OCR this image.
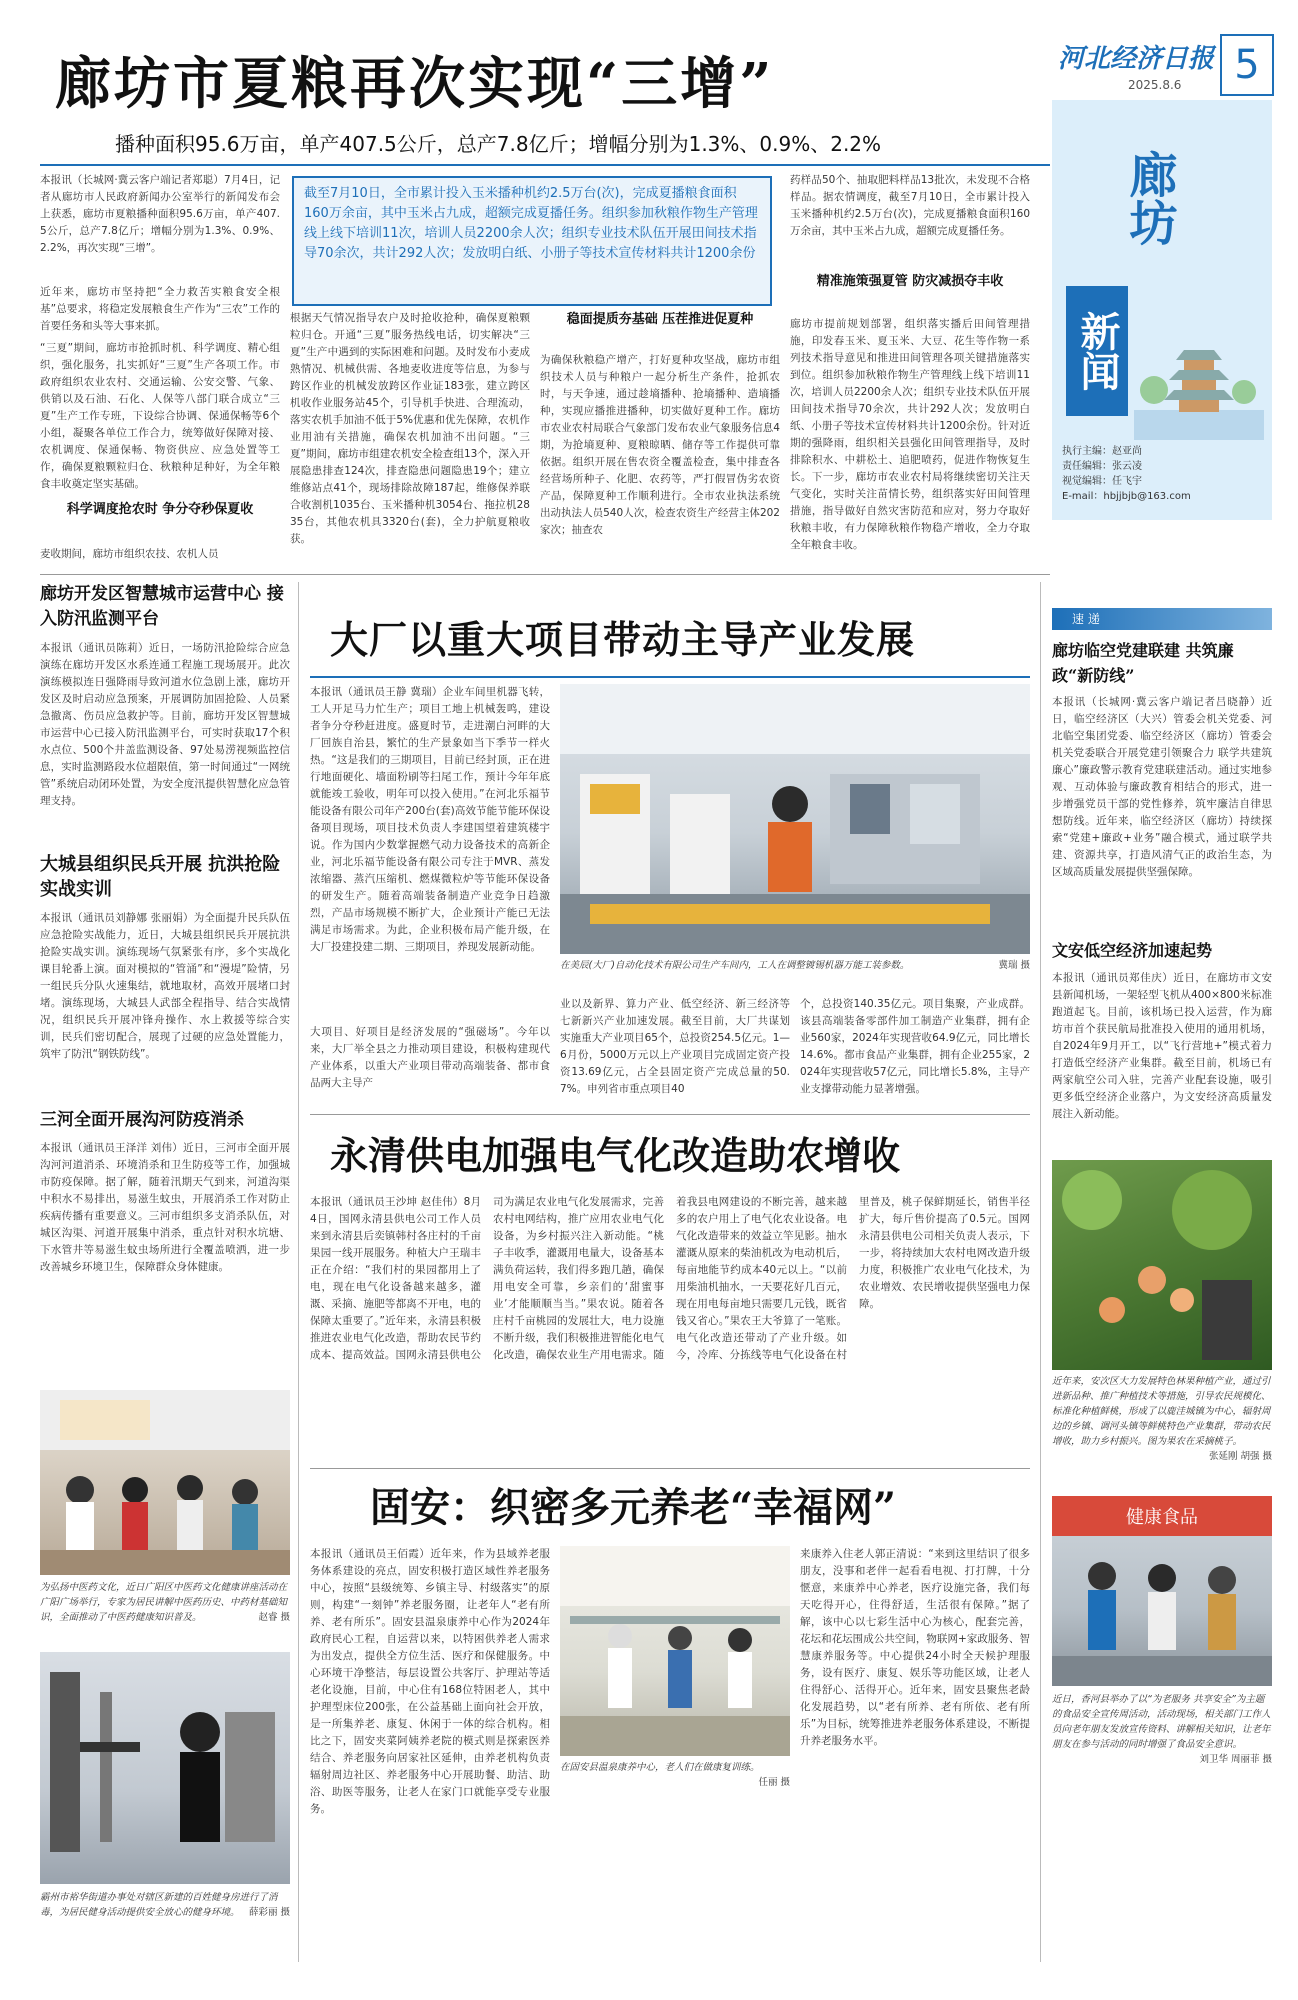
河北经济日报
2025.8.6	5
廊坊市夏粮再次实现“三增”
播种面积95.6万亩，单产407.5公斤，总产7.8亿斤；增幅分别为1.3%、0.9%、2.2%
本报讯（长城网·冀云客户端记者郑聪）7月4日，记者从廊坊市人民政府新闻办公室举行的新闻发布会上获悉，廊坊市夏粮播种面积95.6万亩，单产407.5公斤，总产7.8亿斤；增幅分别为1.3%、0.9%、2.2%，再次实现“三增”。
近年来，廊坊市坚持把“全力救苦实粮食安全根基”总要求，将稳定发展粮食生产作为“三农”工作的首要任务和头等大事来抓。
“三夏”期间，廊坊市抢抓时机、科学调度、精心组织，强化服务，扎实抓好“三夏”生产各项工作。市政府组织农业农村、交通运输、公安交警、气象、供销以及石油、石化、人保等八部门联合成立“三夏”生产工作专班，下设综合协调、保通保畅等6个小组，凝聚各单位工作合力，统筹做好保障对接、农机调度、保通保畅、物资供应、应急处置等工作，确保夏粮颗粒归仓、秋粮种足种好，为全年粮食丰收奠定坚实基础。
科学调度抢农时 争分夺秒保夏收
麦收期间，廊坊市组织农技、农机人员
截至7月10日，全市累计投入玉米播种机约2.5万台(次)，完成夏播粮食面积160万余亩，其中玉米占九成，超额完成夏播任务。组织参加秋粮作物生产管理线上线下培训11次，培训人员2200余人次；组织专业技术队伍开展田间技术指导70余次，共计292人次；发放明白纸、小册子等技术宣传材料共计1200余份
根据天气情况指导农户及时抢收抢种，确保夏粮颗粒归仓。开通“三夏”服务热线电话，切实解决“三夏”生产中遇到的实际困难和问题。及时发布小麦成熟情况、机械供需、各地麦收进度等信息，为参与跨区作业的机械发放跨区作业证183张，建立跨区机收作业服务站45个，引导机手快进、合理流动，落实农机手加油不低于5%优惠和优先保障，农机作业用油有关措施，确保农机加油不出问题。“三夏”期间，廊坊市组建农机安全检查组13个，深入开展隐患排查124次，排查隐患问题隐患19个；建立维修站点41个，现场排除故障187起，维修保养联合收割机1035台、玉米播种机3054台、拖拉机2835台，其他农机具3320台(套)，全力护航夏粮收获。
稳面提质夯基础 压茬推进促夏种
为确保秋粮稳产增产，打好夏种攻坚战，廊坊市组织技术人员与种粮户一起分析生产条件，抢抓农时，与天争速，通过趁墒播种、抢墒播种、造墒播种，实现应播推进播种，切实做好夏种工作。廊坊市农业农村局联合气象部门发布农业气象服务信息4期，为抢墒夏种、夏粮晾晒、储存等工作提供可靠依据。组织开展在售农资全覆盖检查，集中排查各经营场所种子、化肥、农药等，严打假冒伪劣农资产品，保障夏种工作顺利进行。全市农业执法系统出动执法人员540人次，检查农资生产经营主体202家次；抽查农
药样品50个、抽取肥料样品13批次，未发现不合格样品。据农情调度，截至7月10日，全市累计投入玉米播种机约2.5万台(次)，完成夏播粮食面积160万余亩，其中玉米占九成，超额完成夏播任务。
精准施策强夏管 防灾减损夺丰收
廊坊市提前规划部署，组织落实播后田间管理措施，印发春玉米、夏玉米、大豆、花生等作物一系列技术指导意见和推进田间管理各项关键措施落实到位。组织参加秋粮作物生产管理线上线下培训11次，培训人员2200余人次；组织专业技术队伍开展田间技术指导70余次，共计292人次；发放明白纸、小册子等技术宣传材料共计1200余份。针对近期的强降雨，组织相关县强化田间管理指导，及时排除积水、中耕松土、追肥喷药，促进作物恢复生长。下一步，廊坊市农业农村局将继续密切关注天气变化，实时关注苗情长势，组织落实好田间管理措施，指导做好自然灾害防范和应对，努力夺取好秋粮丰收，有力保障秋粮作物稳产增收，全力夺取全年粮食丰收。
廊坊
新闻
执行主编：赵亚尚
责任编辑：张云凌
视觉编辑：任飞宇
E-mail：hbjjbjb@163.com
廊坊开发区智慧城市运营中心 接入防汛监测平台
本报讯（通讯员陈莉）近日，一场防汛抢险综合应急演练在廊坊开发区水系连通工程施工现场展开。此次演练模拟连日强降雨导致河道水位急剧上涨，廊坊开发区及时启动应急预案，开展调防加固抢险、人员紧急撤离、伤员应急救护等。目前，廊坊开发区智慧城市运营中心已接入防汛监测平台，可实时获取17个积水点位、500个井盖监测设备、97处易涝视频监控信息，实时监测路段水位超限值，第一时间通过“一网统管”系统启动闭环处置，为安全度汛提供智慧化应急管理支持。
大城县组织民兵开展 抗洪抢险实战实训
本报讯（通讯员刘静娜 张丽娟）为全面提升民兵队伍应急抢险实战能力，近日，大城县组织民兵开展抗洪抢险实战实训。演练现场气氛紧张有序，多个实战化课目轮番上演。面对模拟的“管涌”和“漫堤”险情，另一组民兵分队火速集结，就地取材，高效开展堵口封堵。演练现场，大城县人武部全程指导、结合实战情况，组织民兵开展冲锋舟操作、水上救援等综合实训，民兵们密切配合，展现了过硬的应急处置能力，筑牢了防汛“钢铁防线”。
三河全面开展沟河防疫消杀
本报讯（通讯员王泽洋 刘伟）近日，三河市全面开展沟河河道消杀、环境消杀和卫生防疫等工作，加强城市防疫保障。据了解，随着汛期天气到来，河道沟渠中积水不易排出，易滋生蚊虫，开展消杀工作对防止疾病传播有重要意义。三河市组织多支消杀队伍，对城区沟渠、河道开展集中消杀，重点针对积水坑塘、下水管井等易滋生蚊虫场所进行全覆盖喷洒，进一步改善城乡环境卫生，保障群众身体健康。
为弘扬中医药文化，近日广阳区中医药文化健康讲座活动在广阳广场举行，专家为居民讲解中医药历史、中药材基础知识，全面推动了中医药健康知识普及。	赵睿 摄
霸州市裕华街道办事处对辖区新建的百姓健身房进行了消毒，为居民健身活动提供安全放心的健身环境。 薛彩丽 摄
大厂以重大项目带动主导产业发展
本报讯（通讯员王静 冀瑞）企业车间里机器飞转，工人开足马力忙生产；项目工地上机械轰鸣，建设者争分夺秒赶进度。盛夏时节，走进潮白河畔的大厂回族自治县，繁忙的生产景象如当下季节一样火热。“这是我们的三期项目，目前已经封顶，正在进行地面硬化、墙面粉刷等扫尾工作，预计今年年底就能竣工验收，明年可以投入使用。”在河北乐福节能设备有限公司年产200台(套)高效节能节能环保设备项目现场，项目技术负责人李建国望着建筑楼宇说。作为国内少数掌握燃气动力设备技术的高新企业，河北乐福节能设备有限公司专注于MVR、蒸发浓缩器、蒸汽压缩机、燃煤微粒炉等节能环保设备的研发生产。随着高端装备制造产业竞争日趋激烈，产品市场规模不断扩大，企业预计产能已无法满足市场需求。为此，企业积极布局产能升级，在大厂投建投建二期、三期项目，养现发展新动能。
在美辰(大厂)自动化技术有限公司生产车间内，工人在调整镀锡机器万能工装参数。	冀瑞 摄
业以及新界、算力产业、低空经济、新三经济等七新新兴产业加速发展。截至目前，大厂共谋划实施重大产业项目65个，总投资254.5亿元。1—6月份，5000万元以上产业项目完成固定资产投资13.69亿元，占全县固定资产完成总量的50.7%。申列省市重点项目40
个，总投资140.35亿元。项目集聚，产业成群。该县高端装备零部件加工制造产业集群，拥有企业560家，2024年实现营收64.9亿元，同比增长14.6%。都市食品产业集群，拥有企业255家，2024年实现营收57亿元，同比增长5.8%，主导产业支撑带动能力显著增强。
大项目、好项目是经济发展的“强磁场”。今年以来，大厂举全县之力推动项目建设，积极构建现代产业体系，以重大产业项目带动高端装备、都市食品两大主导产
永清供电加强电气化改造助农增收
本报讯（通讯员王沙坤 赵佳伟）8月4日，国网永清县供电公司工作人员来到永清县后奕镇韩村各庄村的千亩果园一线开展服务。种植大户王瑞丰正在介绍：“我们村的果园都用上了电，现在电气化设备越来越多，灌溉、采摘、施肥等都离不开电，电的保障太重要了。”近年来，永清县积极推进农业电气化改造，帮助农民节约成本、提高效益。国网永清县供电公司为满足农业电气化发展需求，完善农村电网结构，推广应用农业电气化设备，为乡村振兴注入新动能。“桃子丰收季，灌溉用电量大，设备基本满负荷运转，我们得多跑几趟，确保用电安全可靠，乡亲们的‘甜蜜事业’才能顺顺当当。”果农说。随着各庄村千亩桃园的发展壮大，电力设施不断升级，我们积极推进智能化电气化改造，确保农业生产用电需求。随着我县电网建设的不断完善，越来越多的农户用上了电气化农业设备。电气化改造带来的效益立竿见影。抽水灌溉从原来的柴油机改为电动机后，每亩地能节约成本40元以上。“以前用柴油机抽水，一天要花好几百元，现在用电每亩地只需要几元钱，既省钱又省心。”果农王大爷算了一笔账。电气化改造还带动了产业升级。如今，冷库、分拣线等电气化设备在村里普及，桃子保鲜期延长，销售半径扩大，每斤售价提高了0.5元。国网永清县供电公司相关负责人表示，下一步，将持续加大农村电网改造升级力度，积极推广农业电气化技术，为农业增效、农民增收提供坚强电力保障。
固安：织密多元养老“幸福网”
本报讯（通讯员王佰霞）近年来，作为县域养老服务体系建设的亮点，固安积极打造区域性养老服务中心，按照“县级统筹、乡镇主导、村级落实”的原则，构建“一刻钟”养老服务圈，让老年人“老有所养、老有所乐”。固安县温泉康养中心作为2024年政府民心工程，自运营以来，以特困供养老人需求为出发点，提供全方位生活、医疗和保健服务。中心环境干净整洁，每层设置公共客厅、护理站等适老化设施，目前，中心住有168位特困老人，其中护理型床位200张，在公益基础上面向社会开放，是一所集养老、康复、休闲于一体的综合机构。相比之下，固安夹菜阿姨养老院的模式则是探索医养结合、养老服务向居家社区延伸，由养老机构负责辐射周边社区、养老服务中心开展助餐、助洁、助浴、助医等服务，让老人在家门口就能享受专业服务。
在固安县温泉康养中心，老人们在做康复训练。
任丽 摄
来康养入住老人郭正清说：“来到这里结识了很多朋友，没事和老伴一起看看电视、打打牌，十分惬意，来康养中心养老，医疗设施完备，我们每天吃得开心，住得舒适，生活很有保障。”据了解，该中心以七彩生活中心为核心，配套完善，花坛和花坛围成公共空间，物联网+家政服务、智慧康养服务等。中心提供24小时全天候护理服务，设有医疗、康复、娱乐等功能区域，让老人住得舒心、活得开心。近年来，固安县聚焦老龄化发展趋势，以“老有所养、老有所依、老有所乐”为目标，统筹推进养老服务体系建设，不断提升养老服务水平。
速 递
廊坊临空党建联建 共筑廉政“新防线”
本报讯（长城网·冀云客户端记者吕晓静）近日，临空经济区（大兴）管委会机关党委、河北临空集团党委、临空经济区（廊坊）管委会机关党委联合开展党建引领聚合力 联学共建筑廉心”廉政警示教育党建联建活动。通过实地参观、互动体验与廉政教育相结合的形式，进一步增强党员干部的党性修养，筑牢廉洁自律思想防线。近年来，临空经济区（廊坊）持续探索“党建+廉政+业务”融合模式，通过联学共建、资源共享，打造风清气正的政治生态，为区域高质量发展提供坚强保障。
文安低空经济加速起势
本报讯（通讯员郑佳庆）近日，在廊坊市文安县新闻机场，一架轻型飞机从400×800米标准跑道起飞。目前，该机场已投入运营，作为廊坊市首个获民航局批准投入使用的通用机场，自2024年9月开工，以“飞行营地+”模式着力打造低空经济产业集群。截至目前，机场已有两家航空公司入驻，完善产业配套设施，吸引更多低空经济企业落户，为文安经济高质量发展注入新动能。
近年来，安次区大力发展特色林果种植产业，通过引进新品种、推广种植技术等措施，引导农民规模化、标准化种植鲜桃，形成了以鹿洼城镇为中心，辐射周边的乡镇、调河头镇等鲜桃特色产业集群，带动农民增收，助力乡村振兴。图为果农在采摘桃子。
张延刚 胡强 摄
健康食品
近日，香河县举办了以“为老服务 共享安全”为主题的食品安全宣传周活动，活动现场，相关部门工作人员向老年朋友发放宣传资料、讲解相关知识，让老年朋友在参与活动的同时增强了食品安全意识。
刘卫华 周丽菲 摄
